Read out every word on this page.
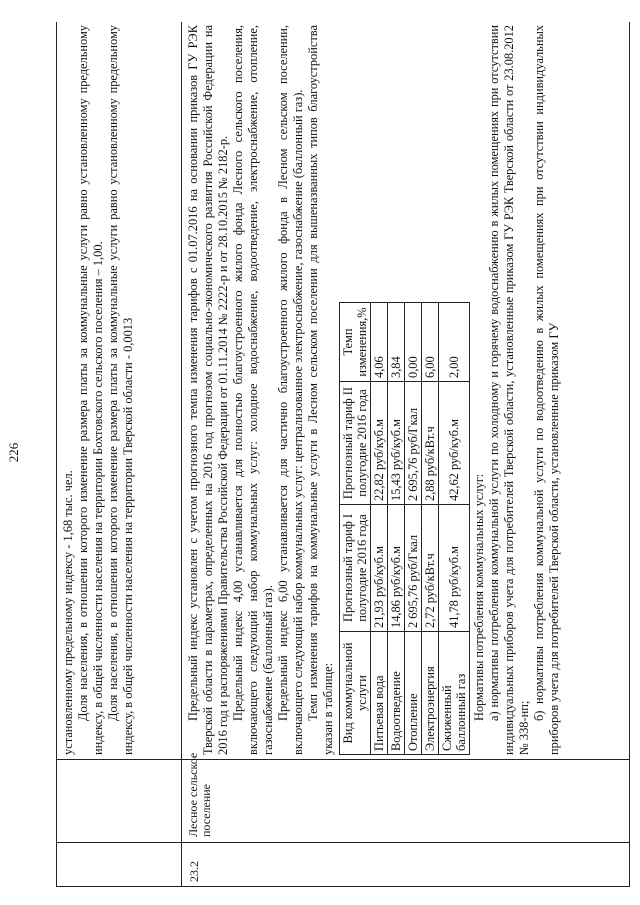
226

установленному предельному индексу - 1,68 тыс. чел. Доля населения, в отношении которого изменение размера платы за коммунальные услуги равно установленному предельному индексу, в общей численности населения на территории Бохтовского сельского поселения – 1,00. Доля населения, в отношении которого изменение размера платы за коммунальные услуги равно установленному предельному индексу, в общей численности населения на территории Тверской области - 0,0013

23.2
Лесное сельское поселение

Предельный индекс установлен с учетом прогнозного темпа изменения тарифов с 01.07.2016 на основании приказов ГУ РЭК Тверской области в параметрах, определенных на 2016 год прогнозом социально-экономического развития Российской Федерации на 2016 год и распоряжениями Правительства Российской Федерации от 01.11.2014 № 2222-р и от 28.10.2015 № 2182-р. Предельный индекс 4,00 устанавливается для полностью благоустроенного жилого фонда Лесного сельского поселения, включающего следующий набор коммунальных услуг: холодное водоснабжение, водоотведение, электроснабжение, отопление, газоснабжение (баллонный газ). Предельный индекс 6,00 устанавливается для частично благоустроенного жилого фонда в Лесном сельском поселении, включающего следующий набор коммунальных услуг: централизованное электроснабжение, газоснабжение (баллонный газ). Темп изменения тарифов на коммунальные услуги в Лесном сельском поселении для вышеназванных типов благоустройства указан в таблице: Вид коммунальной услуги	Прогнозный тариф I полугодие 2016 года	Прогнозный тариф II полугодие 2016 года	Темп изменения,%
Питьевая вода	21,93 руб/куб.м	22,82 руб/куб.м	4,06
Водоотведение	14,86 руб/куб.м	15,43 руб/куб.м	3,84
Отопление	2 695,76 руб/Гкал	2 695,76 руб/Гкал	0,00
Электроэнергия	2,72 руб/кВт.ч	2,88 руб/кВт.ч	6,00
Сжиженный баллонный газ	41,78 руб/куб.м	42,62 руб/куб.м	2,00

Нормативы потребления коммунальных услуг: а) нормативы потребления коммунальной услуги по холодному и горячему водоснабжению в жилых помещениях при отсутствии индивидуальных приборов учета для потребителей Тверской области, установленные приказом ГУ РЭК Тверской области от 23.08.2012 № 338-нп;

б) нормативы потребления коммунальной услуги по водоотведению в жилых помещениях при отсутствии индивидуальных приборов учета для потребителей Тверской области, установленные приказом ГУ
